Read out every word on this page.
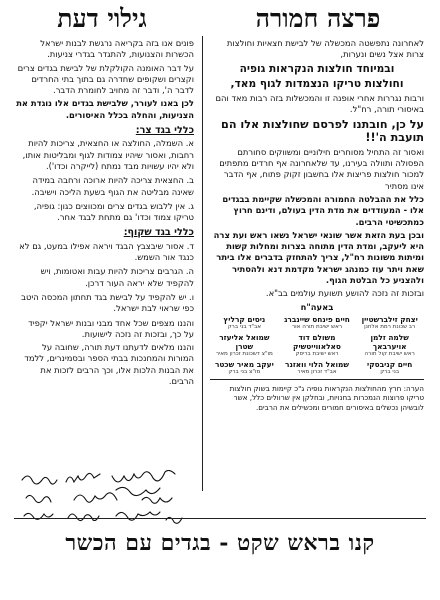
פרצה חמורה
גילוי דעת

לאחרונה נתפשטה המכשלה של לבישת חצאיות וחולצות צרות אצל נשים ונערות,

ובמיוחד חולצות הנקראות גופיה

וחולצות טריקו הנצמדות לגוף מאד,

ורבות נגררות אחרי אופנה זו והמכשלות בזה רבות מאד והם באיסורי תורה, רח"ל.

על כן, חובתנו לפרסם שחולצות אלו הם תועבת ה'!!

ואסור זה התחיל מסוחרים חילוניים ומשווקים סחורתם הפסולה ותוולה בעירנו, עד שלאחרונה אף חרדים מתפתים למכור חולצות פריצות אלו בחשבון זקוק פתוח, אף הדבר אינו מסתיר

כלל את ההבלטה החמורה והמכשלה שקיימת בבגדים אלו - המעודדים את מדת הדין בעולם, ודינם חרוץ כמתכשיטי הרבים.

ובכן בעת הזאת אשר שונאי ישראל נשאו ראש ועת צרה היא ליעקב, ומדת הדין מתוחה בצרות ומחלות קשות ומיתות משונות רח"ל, צריך להתחזק בדברים אלו ביתר שאת ויתר עוז כמנהג ישראל מקדמת דנא ולהסתיר ולהצניע כל הבלטת הגוף.

ובזכות זה נזכה להושע תשועת עולמים בב"א.

באעה"ח
יצחק זילברשטיין
רב שכונת רמת אלחנן
חיים פינחס שיינברג
ראש ישיבת תורה אור
ניסים קרליץ
אב"ד בני ברק
שלמה זלמן אויערבאך
ראש ישיבת קול תורה
משולם דוד סאלאווייטשיק
ראש ישיבת בריסק
שמואל אליעזר שטרן
מו"צ דשכונת זכרון מאיר
חיים קניבסקי
בני ברק
שמואל הלוי וואזנר
אב"ד זכרון מאיר
יעקב מאיר שכטר
מו"צ בני ברק
הערה: חרץ מהחולצות הנקראות גופיה ג"כ קיימות בשוק חולצות טריקו פרוצות הנמכרות בחנויות, ובחלקן אין שרוולים כלל, אשר לובשיהן נכשלים באיסורים חמורים ומכשילים את הרבים.

פונים אנו בזה בקריאה נרגשת לבנות ישראל הכשרות והצנועות, להתגדר בגדרי צניעות.

על דבר האומנה הקולקלת של לבישת בגדים צרים וקצרים ושקופים שחדרה גם בתוך בתי החרדים לדבר ה', ודבר זה מחויב לחומרת הדבר.

לכן באנו לעורר, שלבישת בגדים אלו נוגדת את הצניעות, והחלה בכלל האיסורים.

כללי בגד צר:
א. השמלה, החולצה או החצאית, צריכות להיות רחבות, ואסור שיהיו צמודות לגוף ומבליטות אותו, ולא יהיו עשויות מבד נמתח (לייקרה וכדו').
ב. החצאית צריכה להיות ארוכה ורחבה במידה שאינה מבליטה את הגוף בשעת הליכה וישיבה.
ג. אין ללבוש בגדים צרים ומכווצים כגון: גופיה, טריקו צמוד וכדו' גם מתחת לבגד אחר.
כללי בגד שקוף:
ד. אסור שיבצבץ הבגד ויראה אפילו במעט, גם לא כנגד אור השמש.
ה. הגרבים צריכות להיות עבות ואטומות, ויש להקפיד שלא יראה העור דרכן.
ו. יש להקפיד על לבישת בגד תחתון המכסה היטב כפי שראוי לבת ישראל.

והננו מצפים שכל אחד מבני ובנות ישראל יקפיד על כך, ובזכות זה נזכה לישועות.

והננו מלאים לדעתנו דעת תורה, שחובה על המורות והמחנכות בבתי הספר ובסמינרים, ללמד את הבנות הלכות אלו, וכך הרבים לזכות את הרבים.

קנו בראש שקט - בגדים עם הכשר
